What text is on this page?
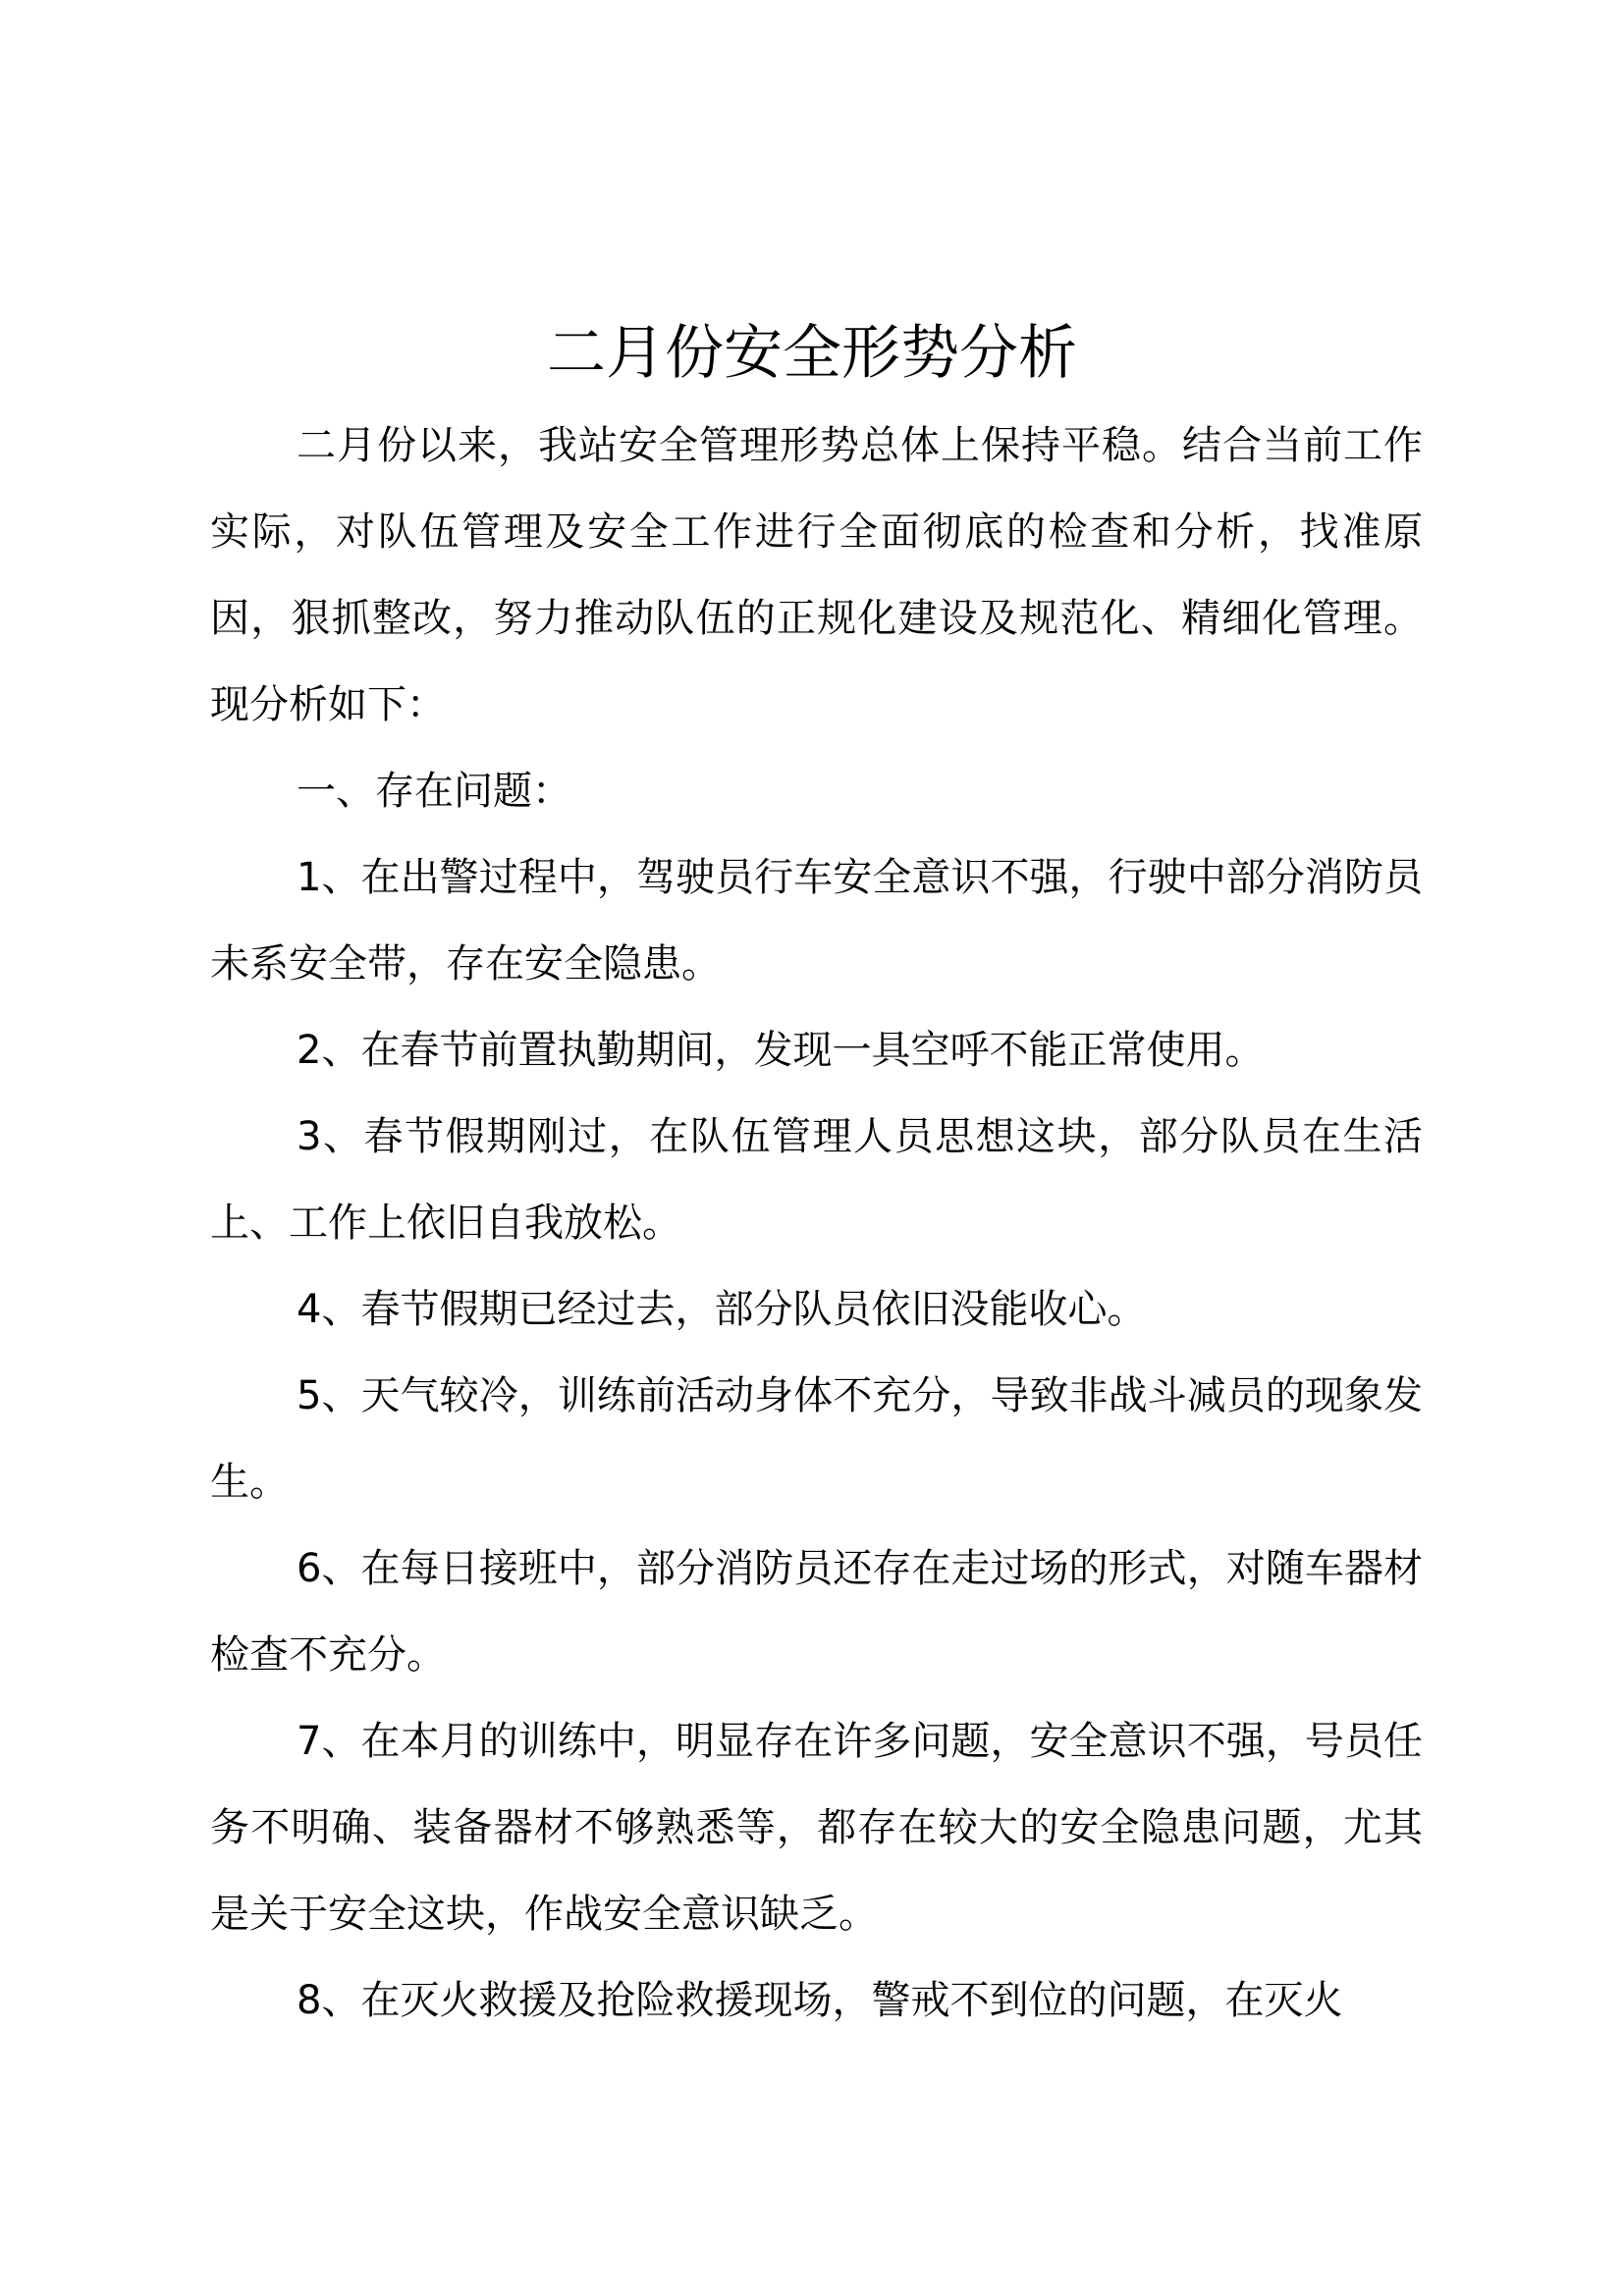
二月份安全形势分析

二月份以来，我站安全管理形势总体上保持平稳。结合当前工作实际，对队伍管理及安全工作进行全面彻底的检查和分析，找准原因，狠抓整改，努力推动队伍的正规化建设及规范化、精细化管理。现分析如下：

一、存在问题：

1、在出警过程中，驾驶员行车安全意识不强，行驶中部分消防员未系安全带，存在安全隐患。

2、在春节前置执勤期间，发现一具空呼不能正常使用。

3、春节假期刚过，在队伍管理人员思想这块，部分队员在生活上、工作上依旧自我放松。

4、春节假期已经过去，部分队员依旧没能收心。

5、天气较冷，训练前活动身体不充分，导致非战斗减员的现象发生。

6、在每日接班中，部分消防员还存在走过场的形式，对随车器材检查不充分。

7、在本月的训练中，明显存在许多问题，安全意识不强，号员任务不明确、装备器材不够熟悉等，都存在较大的安全隐患问题，尤其是关于安全这块，作战安全意识缺乏。

8、在灭火救援及抢险救援现场，警戒不到位的问题，在灭火
